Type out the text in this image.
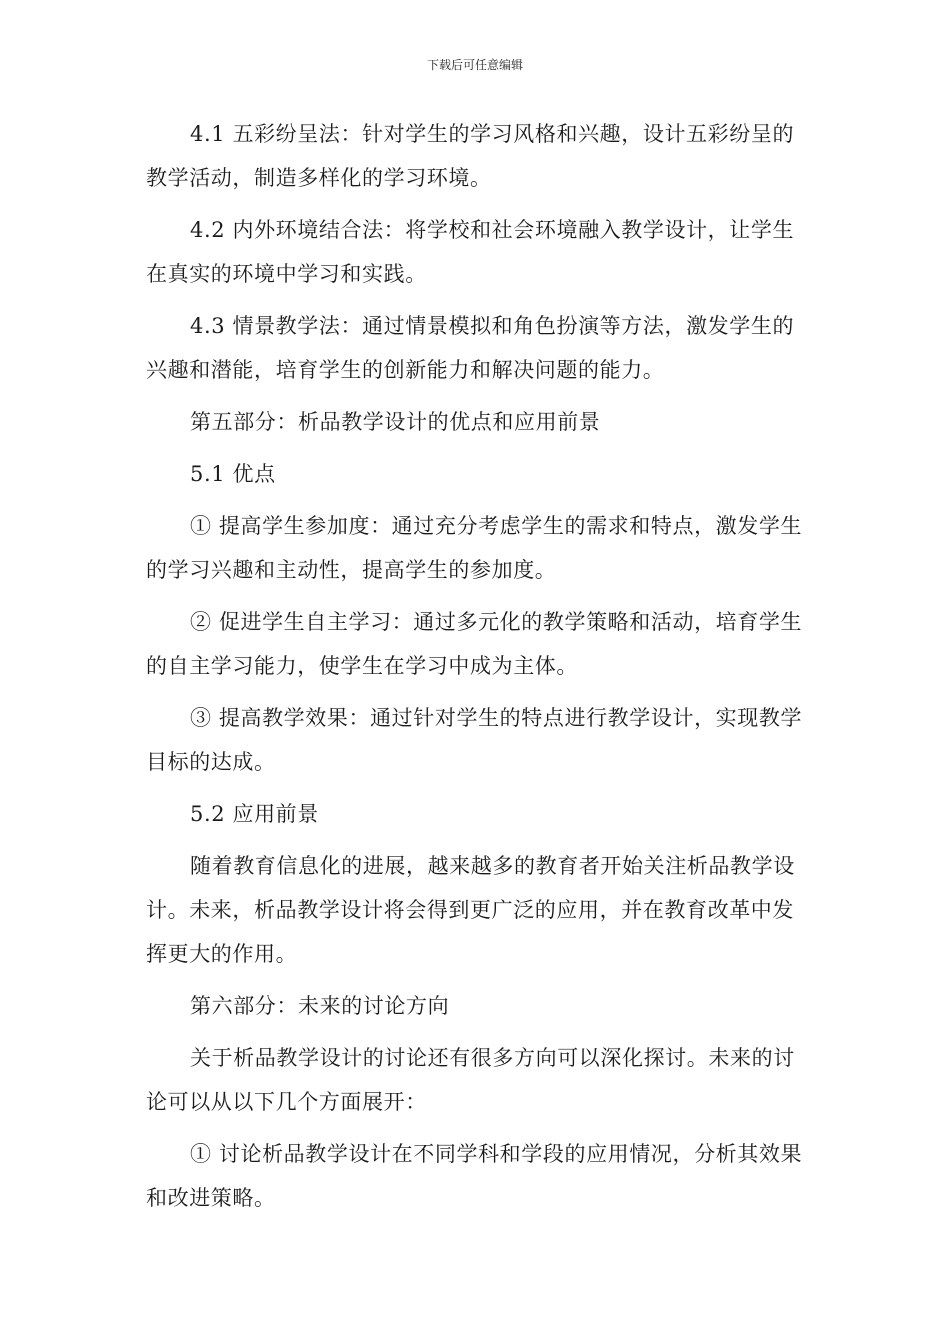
下载后可任意编辑

4.1 五彩纷呈法：针对学生的学习风格和兴趣，设计五彩纷呈的教学活动，制造多样化的学习环境。

4.2 内外环境结合法：将学校和社会环境融入教学设计，让学生在真实的环境中学习和实践。

4.3 情景教学法：通过情景模拟和角色扮演等方法，激发学生的兴趣和潜能，培育学生的创新能力和解决问题的能力。

第五部分：析品教学设计的优点和应用前景

5.1 优点

① 提高学生参加度：通过充分考虑学生的需求和特点，激发学生的学习兴趣和主动性，提高学生的参加度。

② 促进学生自主学习：通过多元化的教学策略和活动，培育学生的自主学习能力，使学生在学习中成为主体。

③ 提高教学效果：通过针对学生的特点进行教学设计，实现教学目标的达成。

5.2 应用前景

随着教育信息化的进展，越来越多的教育者开始关注析品教学设计。未来，析品教学设计将会得到更广泛的应用，并在教育改革中发挥更大的作用。

第六部分：未来的讨论方向

关于析品教学设计的讨论还有很多方向可以深化探讨。未来的讨论可以从以下几个方面展开：

① 讨论析品教学设计在不同学科和学段的应用情况，分析其效果和改进策略。
